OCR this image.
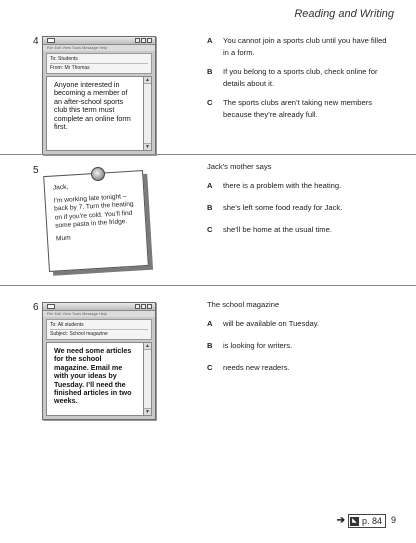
Reading and Writing
4
File Edit View Tools Message Help
To: Students
From: Mr Thomas
Anyone interested in becoming a member of an after-school sports club this term must complete an online form first.
▲
▼
A You cannot join a sports club until you have filled in a form.
B If you belong to a sports club, check online for details about it.
C The sports clubs aren’t taking new members because they’re already full.
5

Jack,

I’m working late tonight – back by 7. Turn the heating on if you’re cold. You’ll find some pasta in the fridge.

Mum

Jack’s mother says
A there is a problem with the heating.
B she’s left some food ready for Jack.
C she’ll be home at the usual time.
6
File Edit View Tools Message Help
To: All students
Subject: School magazine
We need some articles for the school magazine. Email me with your ideas by Tuesday. I’ll need the finished articles in two weeks.
▲
▼
The school magazine
A will be available on Tuesday.
B is looking for writers.
C needs new readers.
➔	◣ p. 84 9
